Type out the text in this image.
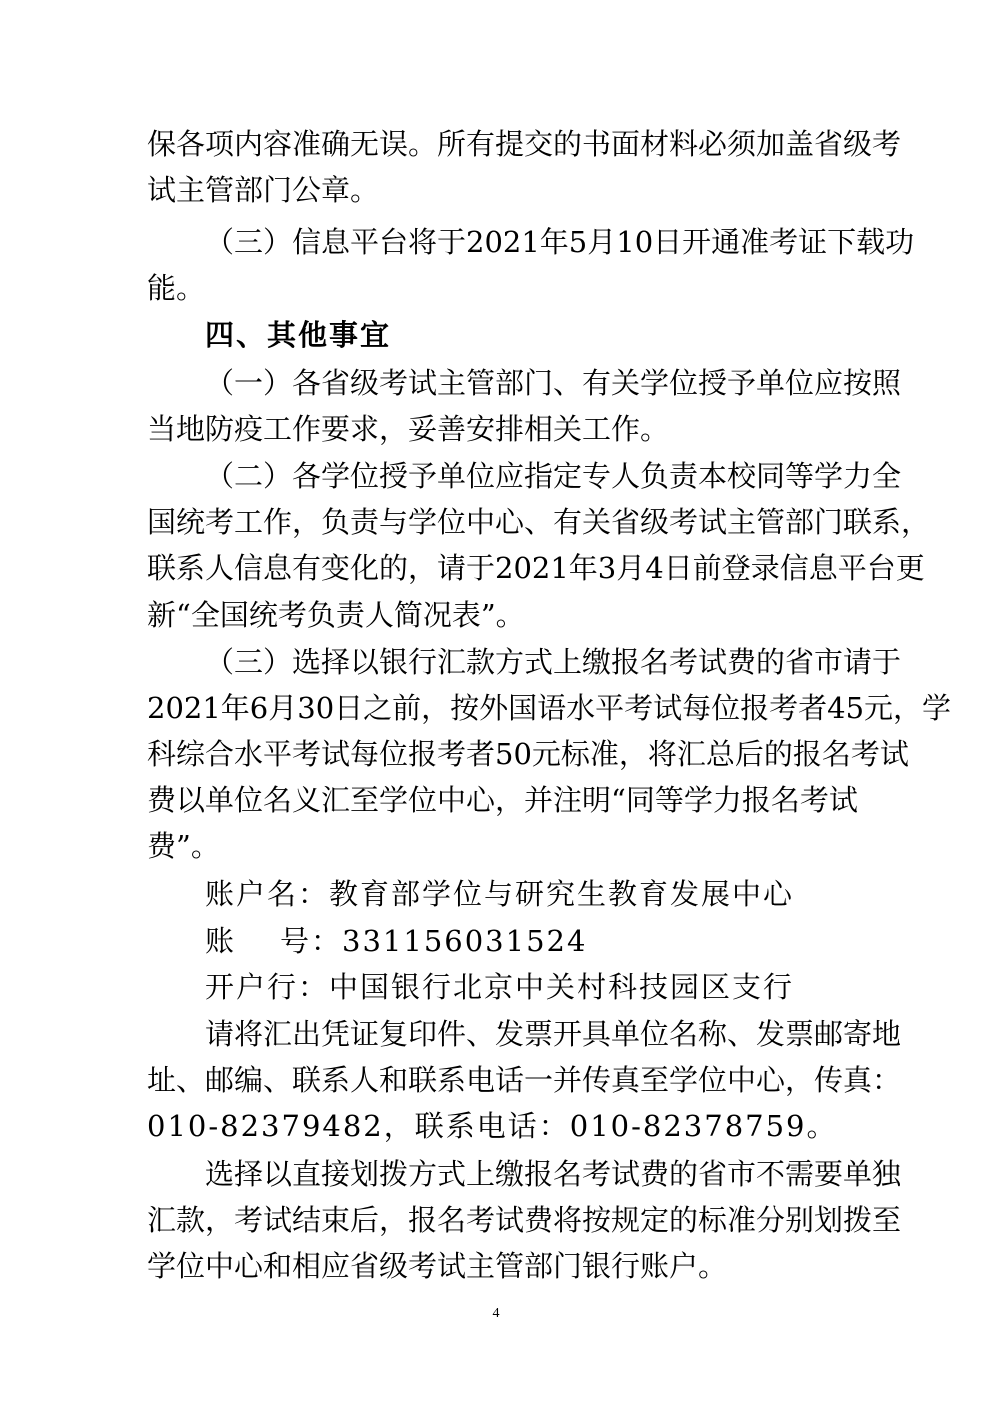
保各项内容准确无误。所有提交的书面材料必须加盖省级考
试主管部门公章。
（三）信息平台将于2021年5月10日开通准考证下载功
能。
四、其他事宜
（一）各省级考试主管部门、有关学位授予单位应按照
当地防疫工作要求，妥善安排相关工作。
（二）各学位授予单位应指定专人负责本校同等学力全
国统考工作，负责与学位中心、有关省级考试主管部门联系，
联系人信息有变化的，请于2021年3月4日前登录信息平台更
新“全国统考负责人简况表”。
（三）选择以银行汇款方式上缴报名考试费的省市请于
2021年6月30日之前，按外国语水平考试每位报考者45元，学
科综合水平考试每位报考者50元标准，将汇总后的报名考试
费以单位名义汇至学位中心，并注明“同等学力报名考试
费”。
账户名：教育部学位与研究生教育发展中心
账 号：331156031524
开户行：中国银行北京中关村科技园区支行
请将汇出凭证复印件、发票开具单位名称、发票邮寄地
址、邮编、联系人和联系电话一并传真至学位中心，传真：
010-82379482，联系电话：010-82378759。
选择以直接划拨方式上缴报名考试费的省市不需要单独
汇款，考试结束后，报名考试费将按规定的标准分别划拨至
学位中心和相应省级考试主管部门银行账户。
4
